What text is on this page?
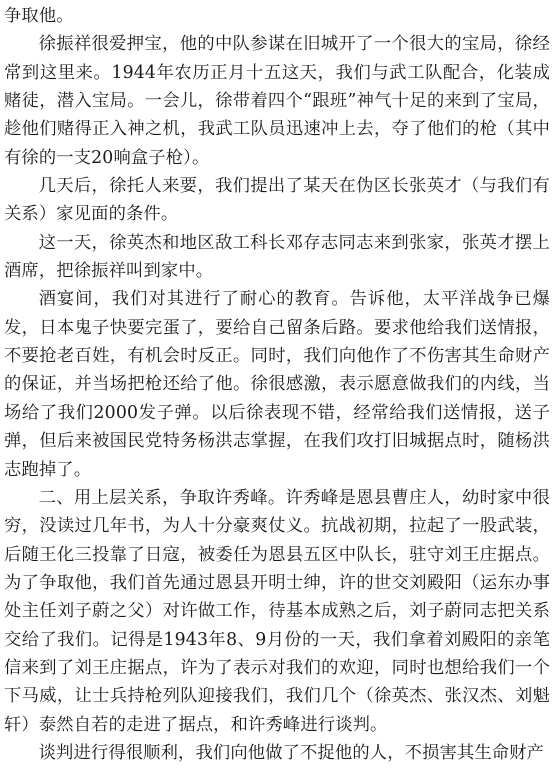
争取他。

徐振祥很爱押宝，他的中队参谋在旧城开了一个很大的宝局，徐经常到这里来。1944年农历正月十五这天，我们与武工队配合，化装成赌徒，潜入宝局。一会儿，徐带着四个“跟班”神气十足的来到了宝局，趁他们赌得正入神之机，我武工队员迅速冲上去，夺了他们的枪（其中有徐的一支20响盒子枪）。

几天后，徐托人来要，我们提出了某天在伪区长张英才（与我们有关系）家见面的条件。

这一天，徐英杰和地区敌工科长邓存志同志来到张家，张英才摆上酒席，把徐振祥叫到家中。

酒宴间，我们对其进行了耐心的教育。告诉他，太平洋战争已爆发，日本鬼子快要完蛋了，要给自己留条后路。要求他给我们送情报，不要抢老百姓，有机会时反正。同时，我们向他作了不伤害其生命财产的保证，并当场把枪还给了他。徐很感激，表示愿意做我们的内线，当场给了我们2000发子弹。以后徐表现不错，经常给我们送情报，送子弹，但后来被国民党特务杨洪志掌握，在我们攻打旧城据点时，随杨洪志跑掉了。

二、用上层关系，争取许秀峰。许秀峰是恩县曹庄人，幼时家中很穷，没读过几年书，为人十分豪爽仗义。抗战初期，拉起了一股武装，后随王化三投靠了日寇，被委任为恩县五区中队长，驻守刘王庄据点。为了争取他，我们首先通过恩县开明士绅，许的世交刘殿阳（运东办事处主任刘子蔚之父）对许做工作，待基本成熟之后，刘子蔚同志把关系交给了我们。记得是1943年8、9月份的一天，我们拿着刘殿阳的亲笔信来到了刘王庄据点，许为了表示对我们的欢迎，同时也想给我们一个下马威，让士兵持枪列队迎接我们，我们几个（徐英杰、张汉杰、刘魁轩）泰然自若的走进了据点，和许秀峰进行谈判。

谈判进行得很顺利，我们向他做了不捉他的人，不损害其生命财产
